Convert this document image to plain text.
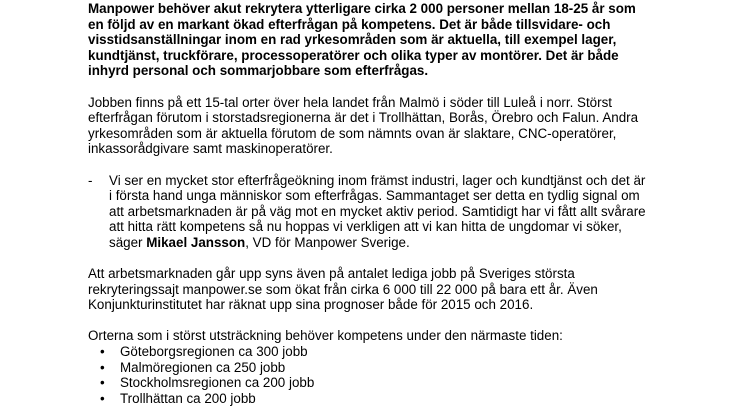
Manpower behöver akut rekrytera ytterligare cirka 2 000 personer mellan 18-25 år som en följd av en markant ökad efterfrågan på kompetens. Det är både tillsvidare- och visstidsanställningar inom en rad yrkesområden som är aktuella, till exempel lager, kundtjänst, truckförare, processoperatörer och olika typer av montörer. Det är både inhyrd personal och sommarjobbare som efterfrågas.

Jobben finns på ett 15-tal orter över hela landet från Malmö i söder till Luleå i norr. Störst efterfrågan förutom i storstadsregionerna är det i Trollhättan, Borås, Örebro och Falun. Andra yrkesområden som är aktuella förutom de som nämnts ovan är slaktare, CNC-operatörer, inkassorådgivare samt maskinoperatörer.

- Vi ser en mycket stor efterfrågeökning inom främst industri, lager och kundtjänst och det är i första hand unga människor som efterfrågas. Sammantaget ser detta en tydlig signal om att arbetsmarknaden är på väg mot en mycket aktiv period. Samtidigt har vi fått allt svårare att hitta rätt kompetens så nu hoppas vi verkligen att vi kan hitta de ungdomar vi söker, säger Mikael Jansson, VD för Manpower Sverige.

Att arbetsmarknaden går upp syns även på antalet lediga jobb på Sveriges största rekryteringssajt manpower.se som ökat från cirka 6 000 till 22 000 på bara ett år. Även Konjunkturinstitutet har räknat upp sina prognoser både för 2015 och 2016.

Orterna som i störst utsträckning behöver kompetens under den närmaste tiden:

• Göteborgsregionen ca 300 jobb
• Malmöregionen ca 250 jobb
• Stockholmsregionen ca 200 jobb
• Trollhättan ca 200 jobb
